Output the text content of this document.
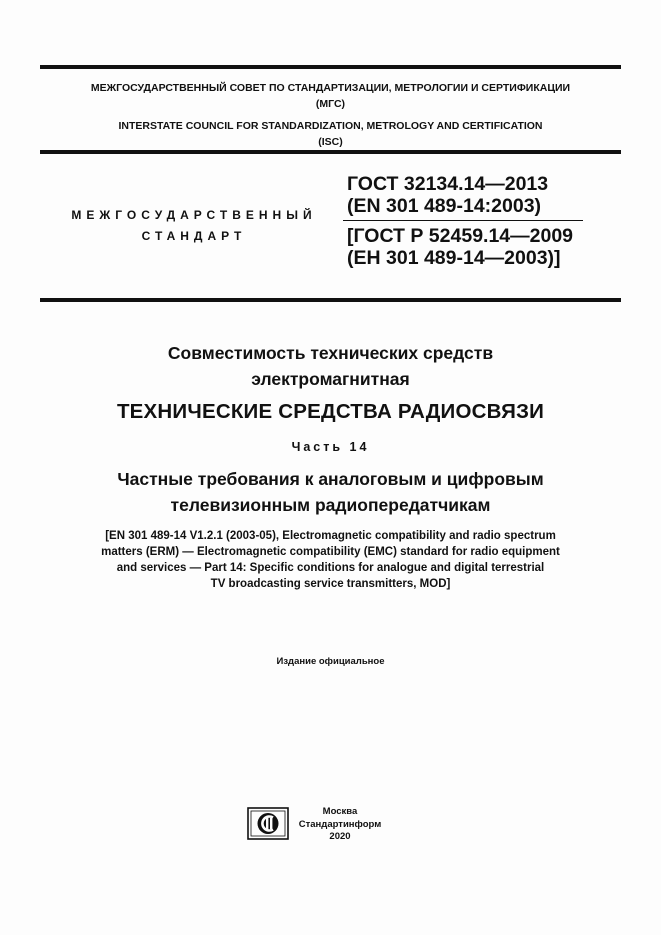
МЕЖГОСУДАРСТВЕННЫЙ СОВЕТ ПО СТАНДАРТИЗАЦИИ, МЕТРОЛОГИИ И СЕРТИФИКАЦИИ
(МГС)
INTERSTATE COUNCIL FOR STANDARDIZATION, METROLOGY AND CERTIFICATION
(ISC)
МЕЖГОСУДАРСТВЕННЫЙ
СТАНДАРТ
ГОСТ 32134.14—2013
(EN 301 489-14:2003)
[ГОСТ Р 52459.14—2009
(ЕН 301 489-14—2003)]
Совместимость технических средств
электромагнитная
ТЕХНИЧЕСКИЕ СРЕДСТВА РАДИОСВЯЗИ
Часть 14
Частные требования к аналоговым и цифровым
телевизионным радиопередатчикам
[EN 301 489-14 V1.2.1 (2003-05), Electromagnetic compatibility and radio spectrum
matters (ERM) — Electromagnetic compatibility (EMC) standard for radio equipment
and services — Part 14: Specific conditions for analogue and digital terrestrial
TV broadcasting service transmitters, MOD]
Издание официальное
Москва
Стандартинформ
2020
